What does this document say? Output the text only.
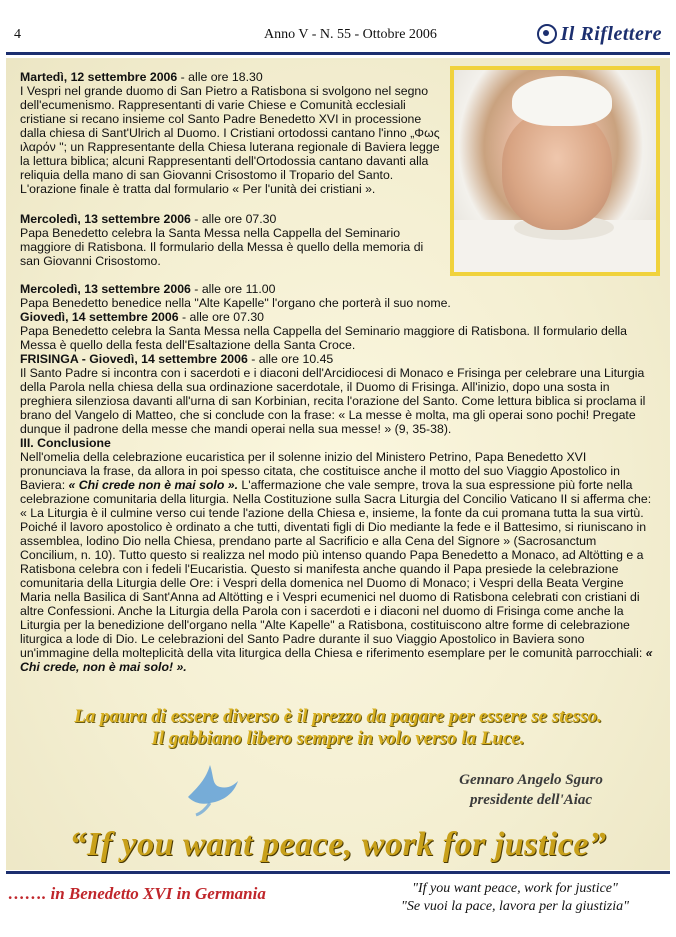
4	Anno V - N. 55 - Ottobre 2006	Il Riflettere

Martedì, 12 settembre 2006 - alle ore 18.30

I Vespri nel grande duomo di San Pietro a Ratisbona si svolgono nel segno dell'ecumenismo. Rappresentanti di varie Chiese e Comunità ecclesiali cristiane si recano insieme col Santo Padre Benedetto XVI in processione dalla chiesa di Sant'Ulrich al Duomo. I Cristiani ortodossi cantano l'inno „Φως ιλαρόν "; un Rappresentante della Chiesa luterana regionale di Baviera legge la lettura biblica; alcuni Rappresentanti dell'Ortodossia cantano davanti alla reliquia della mano di san Giovanni Crisostomo il Tropario del Santo. L'orazione finale è tratta dal formulario « Per l'unità dei cristiani ».

Mercoledì, 13 settembre 2006 - alle ore 07.30

Papa Benedetto celebra la Santa Messa nella Cappella del Seminario maggiore di Ratisbona. Il formulario della Messa è quello della memoria di san Giovanni Crisostomo.

Mercoledì, 13 settembre 2006 - alle ore 11.00

Papa Benedetto benedice nella "Alte Kapelle" l'organo che porterà il suo nome.

Giovedì, 14 settembre 2006 - alle ore 07.30

Papa Benedetto celebra la Santa Messa nella Cappella del Seminario maggiore di Ratisbona. Il formulario della Messa è quello della festa dell'Esaltazione della Santa Croce.

FRISINGA - Giovedì, 14 settembre 2006 - alle ore 10.45

Il Santo Padre si incontra con i sacerdoti e i diaconi dell'Arcidiocesi di Monaco e Frisinga per celebrare una Liturgia della Parola nella chiesa della sua ordinazione sacerdotale, il Duomo di Frisinga. All'inizio, dopo una sosta in preghiera silenziosa davanti all'urna di san Korbinian, recita l'orazione del Santo. Come lettura biblica si proclama il brano del Vangelo di Matteo, che si conclude con la frase: « La messe è molta, ma gli operai sono pochi! Pregate dunque il padrone della messe che mandi operai nella sua messe! » (9, 35-38).

III. Conclusione

Nell'omelia della celebrazione eucaristica per il solenne inizio del Ministero Petrino, Papa Benedetto XVI pronunciava la frase, da allora in poi spesso citata, che costituisce anche il motto del suo Viaggio Apostolico in Baviera: « Chi crede non è mai solo ». L'affermazione che vale sempre, trova la sua espressione più forte nella celebrazione comunitaria della liturgia. Nella Costituzione sulla Sacra Liturgia del Concilio Vaticano II si afferma che: « La Liturgia è il culmine verso cui tende l'azione della Chiesa e, insieme, la fonte da cui promana tutta la sua virtù. Poiché il lavoro apostolico è ordinato a che tutti, diventati figli di Dio mediante la fede e il Battesimo, si riuniscano in assemblea, lodino Dio nella Chiesa, prendano parte al Sacrificio e alla Cena del Signore » (Sacrosanctum Concilium, n. 10). Tutto questo si realizza nel modo più intenso quando Papa Benedetto a Monaco, ad Altötting e a Ratisbona celebra con i fedeli l'Eucaristia. Questo si manifesta anche quando il Papa presiede la celebrazione comunitaria della Liturgia delle Ore: i Vespri della domenica nel Duomo di Monaco; i Vespri della Beata Vergine Maria nella Basilica di Sant'Anna ad Altötting e i Vespri ecumenici nel duomo di Ratisbona celebrati con cristiani di altre Confessioni. Anche la Liturgia della Parola con i sacerdoti e i diaconi nel duomo di Frisinga come anche la Liturgia per la benedizione dell'organo nella "Alte Kapelle" a Ratisbona, costituiscono altre forme di celebrazione liturgica a lode di Dio. Le celebrazioni del Santo Padre durante il suo Viaggio Apostolico in Baviera sono un'immagine della molteplicità della vita liturgica della Chiesa e riferimento esemplare per le comunità parrocchiali: « Chi crede, non è mai solo! ».

La paura di essere diverso è il prezzo da pagare per essere se stesso.
Il gabbiano libero sempre in volo verso la Luce.
Gennaro Angelo Sguro
presidente dell'Aiac
“If you want peace, work for justice”
……. in Benedetto XVI in Germania	"If you want peace, work for justice"
"Se vuoi la pace, lavora per la giustizia"
